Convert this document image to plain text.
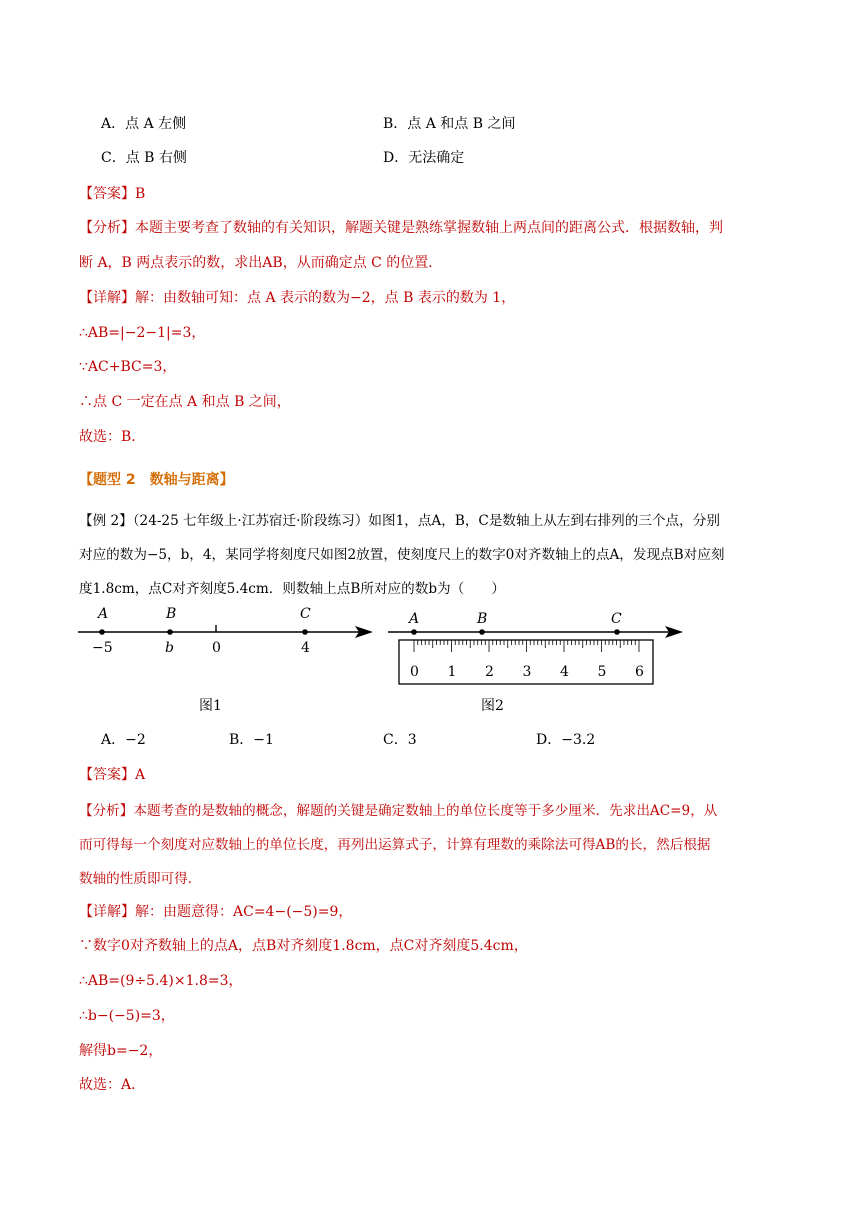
A．点 A 左侧	B．点 A 和点 B 之间
C．点 B 右侧	D．无法确定
【答案】B
【分析】本题主要考查了数轴的有关知识，解题关键是熟练掌握数轴上两点间的距离公式．根据数轴，判
断 A，B 两点表示的数，求出AB，从而确定点 C 的位置．
【详解】解：由数轴可知：点 A 表示的数为−2，点 B 表示的数为 1，
∴AB=|−2−1|=3，
∵AC+BC=3，
∴点 C 一定在点 A 和点 B 之间，
故选：B．
【题型 2　数轴与距离】
【例 2】（24-25 七年级上·江苏宿迁·阶段练习）如图1，点A，B，C是数轴上从左到右排列的三个点，分别
对应的数为−5，b，4，某同学将刻度尺如图2放置，使刻度尺上的数字0对齐数轴上的点A，发现点B对应刻
度1.8cm，点C对齐刻度5.4cm．则数轴上点B所对应的数b为（　　）
A
−5
B
b	0
C
4
图1
0 1 2 3 4 5 6
A	B	C
图2
A．−2	B．−1	C．3	D．−3.2
【答案】A
【分析】本题考查的是数轴的概念，解题的关键是确定数轴上的单位长度等于多少厘米．先求出AC=9，从
而可得每一个刻度对应数轴上的单位长度，再列出运算式子，计算有理数的乘除法可得AB的长，然后根据
数轴的性质即可得．
【详解】解：由题意得：AC=4−(−5)=9，
∵数字0对齐数轴上的点A，点B对齐刻度1.8cm，点C对齐刻度5.4cm，
∴AB=(9÷5.4)×1.8=3，
∴b−(−5)=3，
解得b=−2，
故选：A．
